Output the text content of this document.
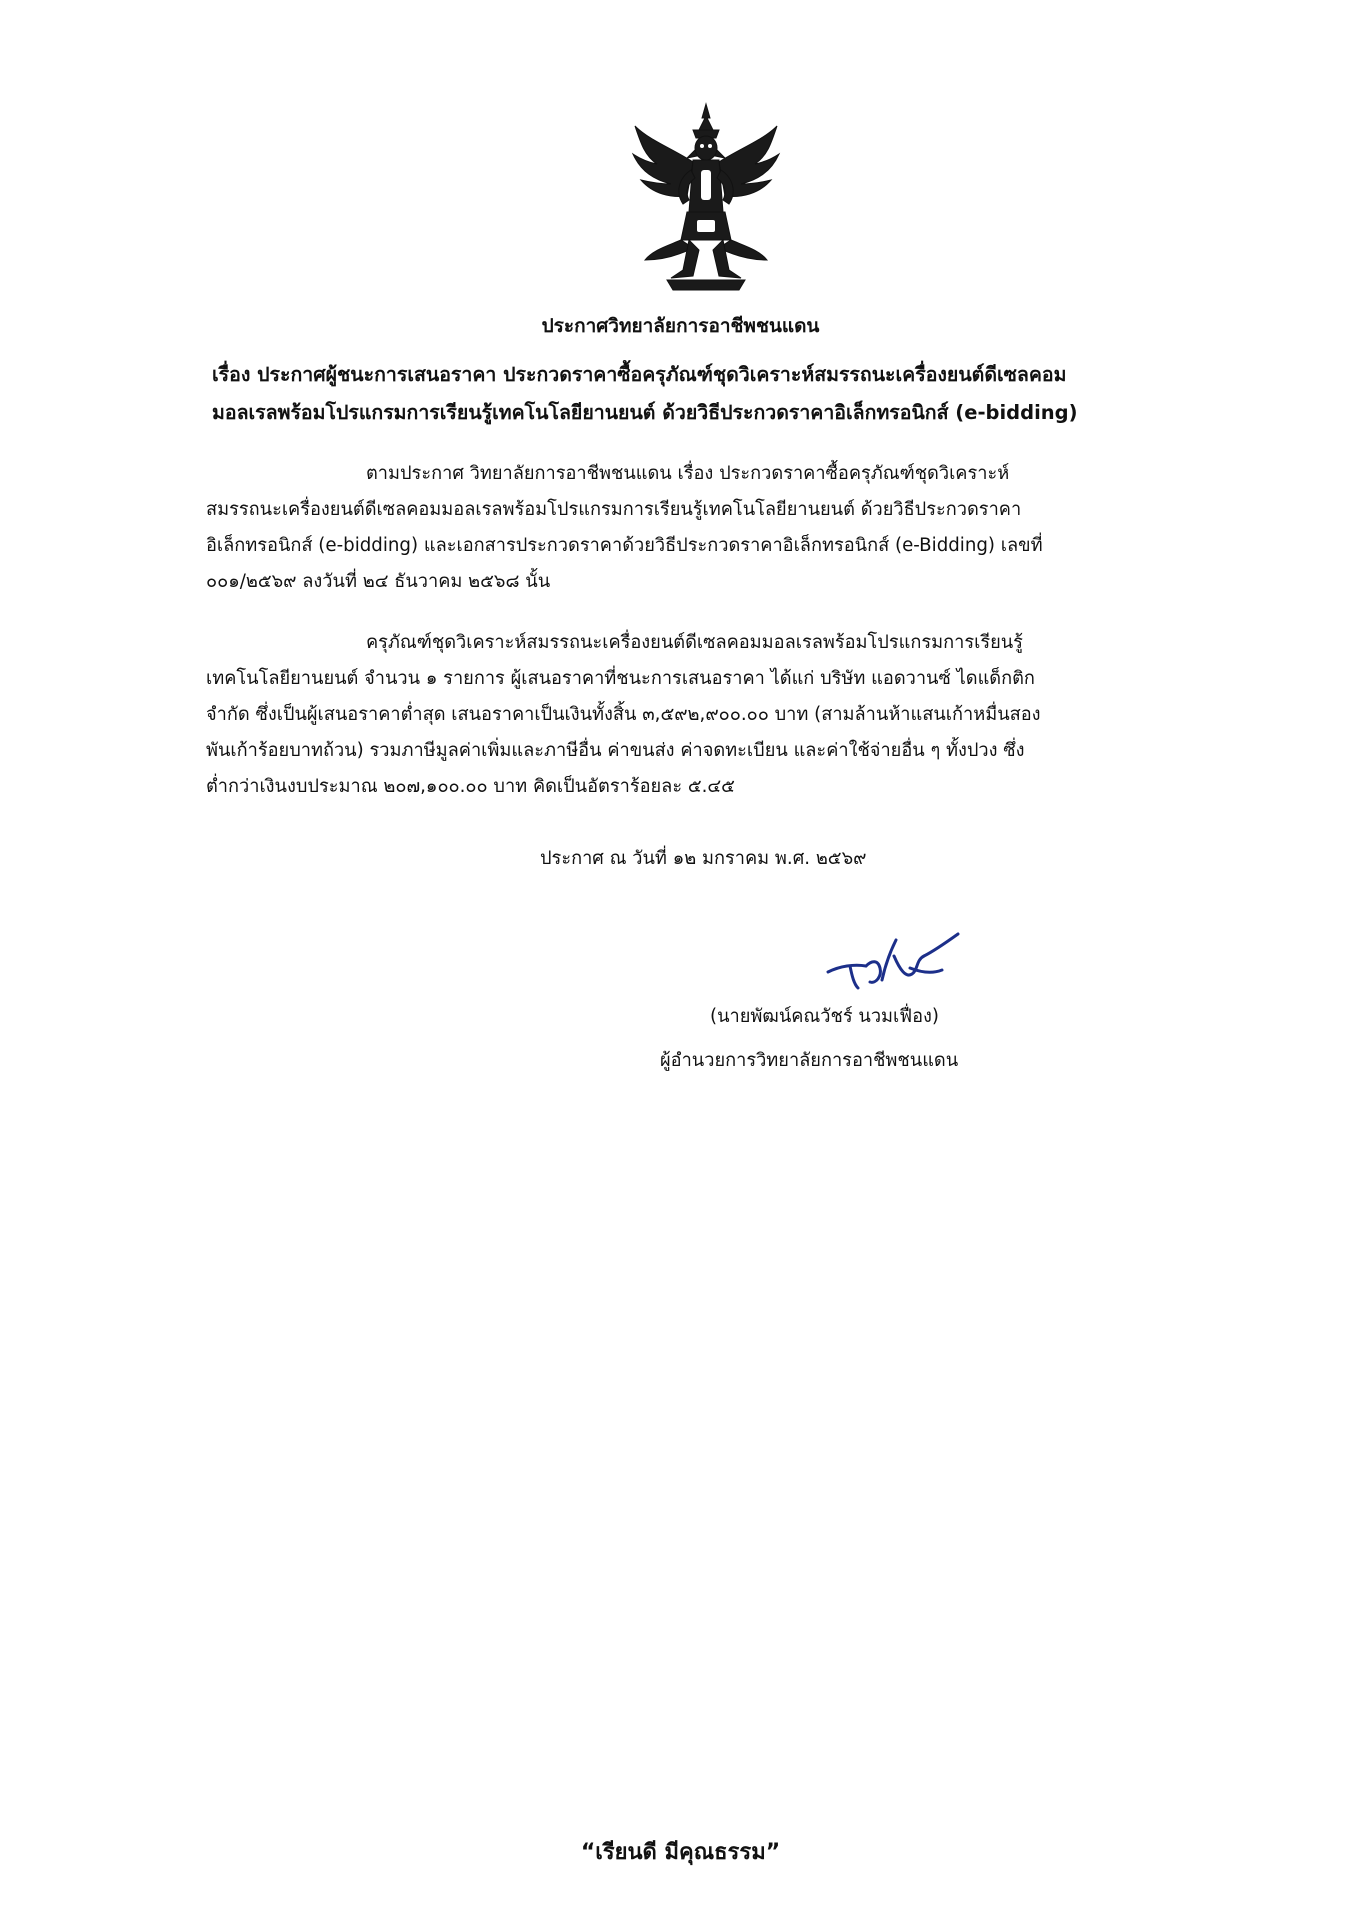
ประกาศวิทยาลัยการอาชีพชนแดน
เรื่อง ประกาศผู้ชนะการเสนอราคา ประกวดราคาซื้อครุภัณฑ์ชุดวิเคราะห์สมรรถนะเครื่องยนต์ดีเซลคอม
มอลเรลพร้อมโปรแกรมการเรียนรู้เทคโนโลยียานยนต์ ด้วยวิธีประกวดราคาอิเล็กทรอนิกส์ (e-bidding)
ตามประกาศ วิทยาลัยการอาชีพชนแดน เรื่อง ประกวดราคาซื้อครุภัณฑ์ชุดวิเคราะห์
สมรรถนะเครื่องยนต์ดีเซลคอมมอลเรลพร้อมโปรแกรมการเรียนรู้เทคโนโลยียานยนต์ ด้วยวิธีประกวดราคา
อิเล็กทรอนิกส์ (e-bidding) และเอกสารประกวดราคาด้วยวิธีประกวดราคาอิเล็กทรอนิกส์ (e-Bidding) เลขที่
๐๐๑/๒๕๖๙ ลงวันที่ ๒๔ ธันวาคม ๒๕๖๘ นั้น
ครุภัณฑ์ชุดวิเคราะห์สมรรถนะเครื่องยนต์ดีเซลคอมมอลเรลพร้อมโปรแกรมการเรียนรู้
เทคโนโลยียานยนต์ จำนวน ๑ รายการ ผู้เสนอราคาที่ชนะการเสนอราคา ได้แก่ บริษัท แอดวานซ์ ไดแด็กติก
จำกัด ซึ่งเป็นผู้เสนอราคาต่ำสุด เสนอราคาเป็นเงินทั้งสิ้น ๓,๕๙๒,๙๐๐.๐๐ บาท (สามล้านห้าแสนเก้าหมื่นสอง
พันเก้าร้อยบาทถ้วน) รวมภาษีมูลค่าเพิ่มและภาษีอื่น ค่าขนส่ง ค่าจดทะเบียน และค่าใช้จ่ายอื่น ๆ ทั้งปวง ซึ่ง
ต่ำกว่าเงินงบประมาณ ๒๐๗,๑๐๐.๐๐ บาท คิดเป็นอัตราร้อยละ ๕.๔๕
ประกาศ ณ วันที่ ๑๒ มกราคม พ.ศ. ๒๕๖๙
(นายพัฒน์คณวัชร์ นวมเฟื่อง)
ผู้อำนวยการวิทยาลัยการอาชีพชนแดน
“เรียนดี มีคุณธรรม”
